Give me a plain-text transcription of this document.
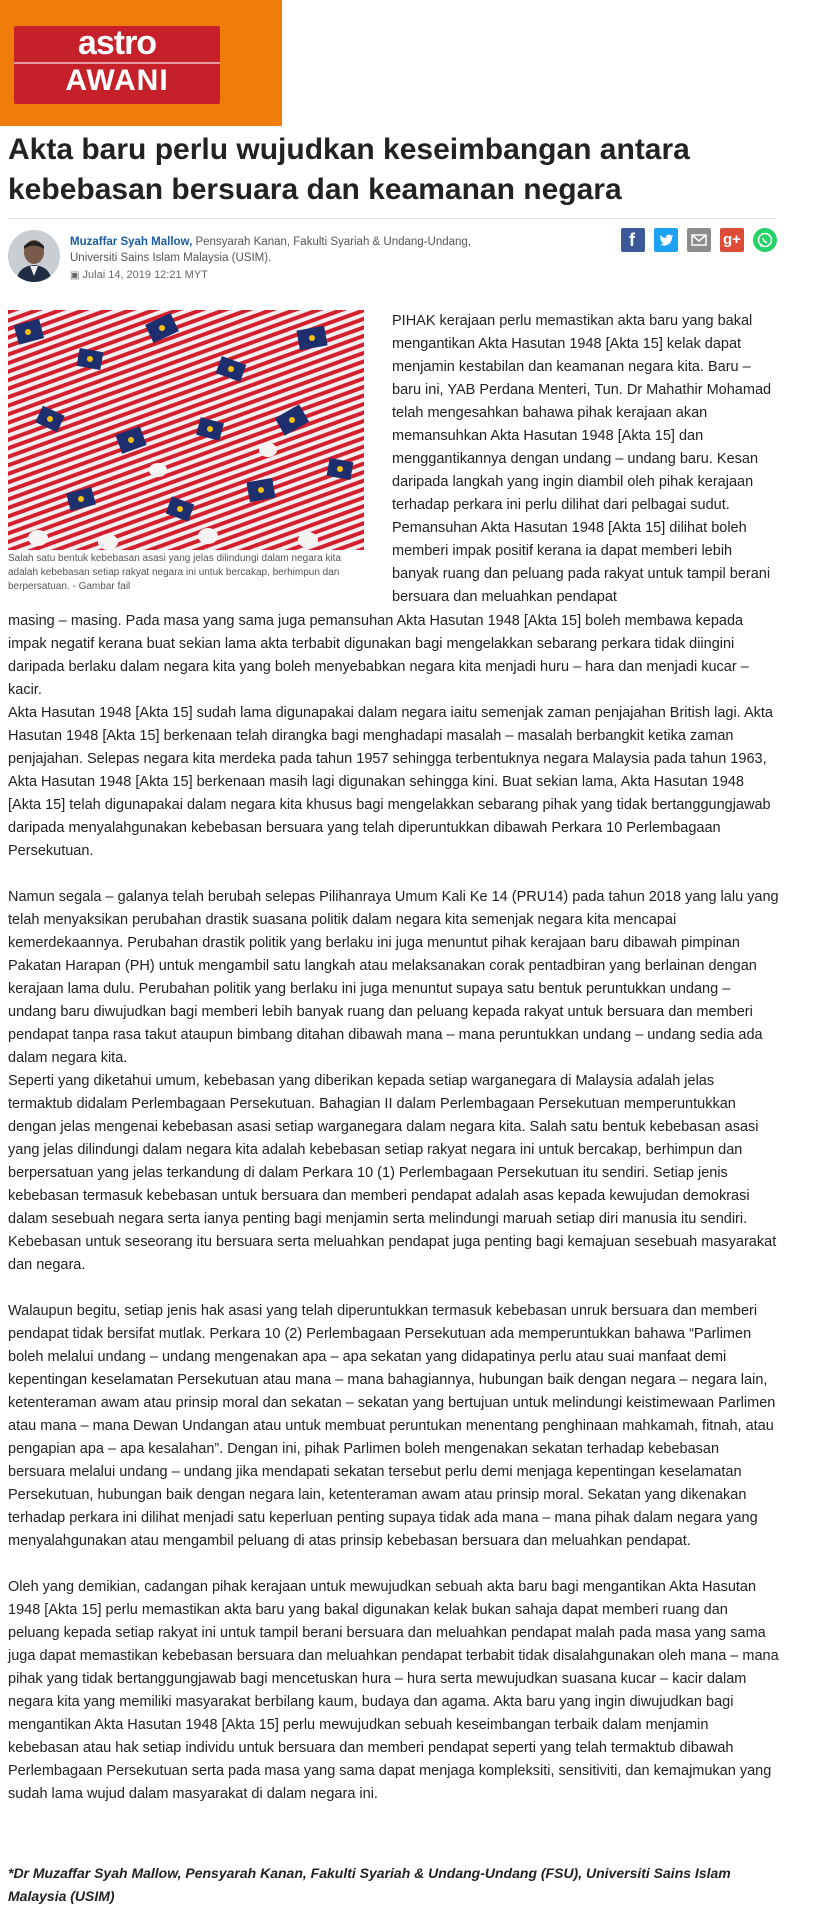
astro
AWANI
Akta baru perlu wujudkan keseimbangan antara kebebasan bersuara dan keamanan negara
Muzaffar Syah Mallow, Pensyarah Kanan, Fakulti Syariah & Undang-Undang, Universiti Sains Islam Malaysia (USIM).
▣ Julai 14, 2019 12:21 MYT
f	g+
Salah satu bentuk kebebasan asasi yang jelas dilindungi dalam negara kita adalah kebebasan setiap rakyat negara ini untuk bercakap, berhimpun dan berpersatuan. - Gambar fail

PIHAK kerajaan perlu memastikan akta baru yang bakal mengantikan Akta Hasutan 1948 [Akta 15] kelak dapat menjamin kestabilan dan keamanan negara kita. Baru – baru ini, YAB Perdana Menteri, Tun. Dr Mahathir Mohamad telah mengesahkan bahawa pihak kerajaan akan memansuhkan Akta Hasutan 1948 [Akta 15] dan menggantikannya dengan undang – undang baru. Kesan daripada langkah yang ingin diambil oleh pihak kerajaan terhadap perkara ini perlu dilihat dari pelbagai sudut. Pemansuhan Akta Hasutan 1948 [Akta 15] dilihat boleh memberi impak positif kerana ia dapat memberi lebih banyak ruang dan peluang pada rakyat untuk tampil berani bersuara dan meluahkan pendapat

masing – masing. Pada masa yang sama juga pemansuhan Akta Hasutan 1948 [Akta 15] boleh membawa kepada impak negatif kerana buat sekian lama akta terbabit digunakan bagi mengelakkan sebarang perkara tidak diingini daripada berlaku dalam negara kita yang boleh menyebabkan negara kita menjadi huru – hara dan menjadi kucar – kacir.

Akta Hasutan 1948 [Akta 15] sudah lama digunapakai dalam negara iaitu semenjak zaman penjajahan British lagi. Akta Hasutan 1948 [Akta 15] berkenaan telah dirangka bagi menghadapi masalah – masalah berbangkit ketika zaman penjajahan. Selepas negara kita merdeka pada tahun 1957 sehingga terbentuknya negara Malaysia pada tahun 1963, Akta Hasutan 1948 [Akta 15] berkenaan masih lagi digunakan sehingga kini. Buat sekian lama, Akta Hasutan 1948 [Akta 15] telah digunapakai dalam negara kita khusus bagi mengelakkan sebarang pihak yang tidak bertanggungjawab daripada menyalahgunakan kebebasan bersuara yang telah diperuntukkan dibawah Perkara 10 Perlembagaan Persekutuan.

Namun segala – galanya telah berubah selepas Pilihanraya Umum Kali Ke 14 (PRU14) pada tahun 2018 yang lalu yang telah menyaksikan perubahan drastik suasana politik dalam negara kita semenjak negara kita mencapai kemerdekaannya. Perubahan drastik politik yang berlaku ini juga menuntut pihak kerajaan baru dibawah pimpinan Pakatan Harapan (PH) untuk mengambil satu langkah atau melaksanakan corak pentadbiran yang berlainan dengan kerajaan lama dulu. Perubahan politik yang berlaku ini juga menuntut supaya satu bentuk peruntukkan undang – undang baru diwujudkan bagi memberi lebih banyak ruang dan peluang kepada rakyat untuk bersuara dan memberi pendapat tanpa rasa takut ataupun bimbang ditahan dibawah mana – mana peruntukkan undang – undang sedia ada dalam negara kita.

Seperti yang diketahui umum, kebebasan yang diberikan kepada setiap warganegara di Malaysia adalah jelas termaktub didalam Perlembagaan Persekutuan. Bahagian II dalam Perlembagaan Persekutuan memperuntukkan dengan jelas mengenai kebebasan asasi setiap warganegara dalam negara kita. Salah satu bentuk kebebasan asasi yang jelas dilindungi dalam negara kita adalah kebebasan setiap rakyat negara ini untuk bercakap, berhimpun dan berpersatuan yang jelas terkandung di dalam Perkara 10 (1) Perlembagaan Persekutuan itu sendiri. Setiap jenis kebebasan termasuk kebebasan untuk bersuara dan memberi pendapat adalah asas kepada kewujudan demokrasi dalam sesebuah negara serta ianya penting bagi menjamin serta melindungi maruah setiap diri manusia itu sendiri. Kebebasan untuk seseorang itu bersuara serta meluahkan pendapat juga penting bagi kemajuan sesebuah masyarakat dan negara.

Walaupun begitu, setiap jenis hak asasi yang telah diperuntukkan termasuk kebebasan unruk bersuara dan memberi pendapat tidak bersifat mutlak. Perkara 10 (2) Perlembagaan Persekutuan ada memperuntukkan bahawa “Parlimen boleh melalui undang – undang mengenakan apa – apa sekatan yang didapatinya perlu atau suai manfaat demi kepentingan keselamatan Persekutuan atau mana – mana bahagiannya, hubungan baik dengan negara – negara lain, ketenteraman awam atau prinsip moral dan sekatan – sekatan yang bertujuan untuk melindungi keistimewaan Parlimen atau mana – mana Dewan Undangan atau untuk membuat peruntukan menentang penghinaan mahkamah, fitnah, atau pengapian apa – apa kesalahan”. Dengan ini, pihak Parlimen boleh mengenakan sekatan terhadap kebebasan bersuara melalui undang – undang jika mendapati sekatan tersebut perlu demi menjaga kepentingan keselamatan Persekutuan, hubungan baik dengan negara lain, ketenteraman awam atau prinsip moral. Sekatan yang dikenakan terhadap perkara ini dilihat menjadi satu keperluan penting supaya tidak ada mana – mana pihak dalam negara yang menyalahgunakan atau mengambil peluang di atas prinsip kebebasan bersuara dan meluahkan pendapat.

Oleh yang demikian, cadangan pihak kerajaan untuk mewujudkan sebuah akta baru bagi mengantikan Akta Hasutan 1948 [Akta 15] perlu memastikan akta baru yang bakal digunakan kelak bukan sahaja dapat memberi ruang dan peluang kepada setiap rakyat ini untuk tampil berani bersuara dan meluahkan pendapat malah pada masa yang sama juga dapat memastikan kebebasan bersuara dan meluahkan pendapat terbabit tidak disalahgunakan oleh mana – mana pihak yang tidak bertanggungjawab bagi mencetuskan hura – hura serta mewujudkan suasana kucar – kacir dalam negara kita yang memiliki masyarakat berbilang kaum, budaya dan agama. Akta baru yang ingin diwujudkan bagi mengantikan Akta Hasutan 1948 [Akta 15] perlu mewujudkan sebuah keseimbangan terbaik dalam menjamin kebebasan atau hak setiap individu untuk bersuara dan memberi pendapat seperti yang telah termaktub dibawah Perlembagaan Persekutuan serta pada masa yang sama dapat menjaga kompleksiti, sensitiviti, dan kemajmukan yang sudah lama wujud dalam masyarakat di dalam negara ini.

*Dr Muzaffar Syah Mallow, Pensyarah Kanan, Fakulti Syariah & Undang-Undang (FSU), Universiti Sains Islam Malaysia (USIM)
